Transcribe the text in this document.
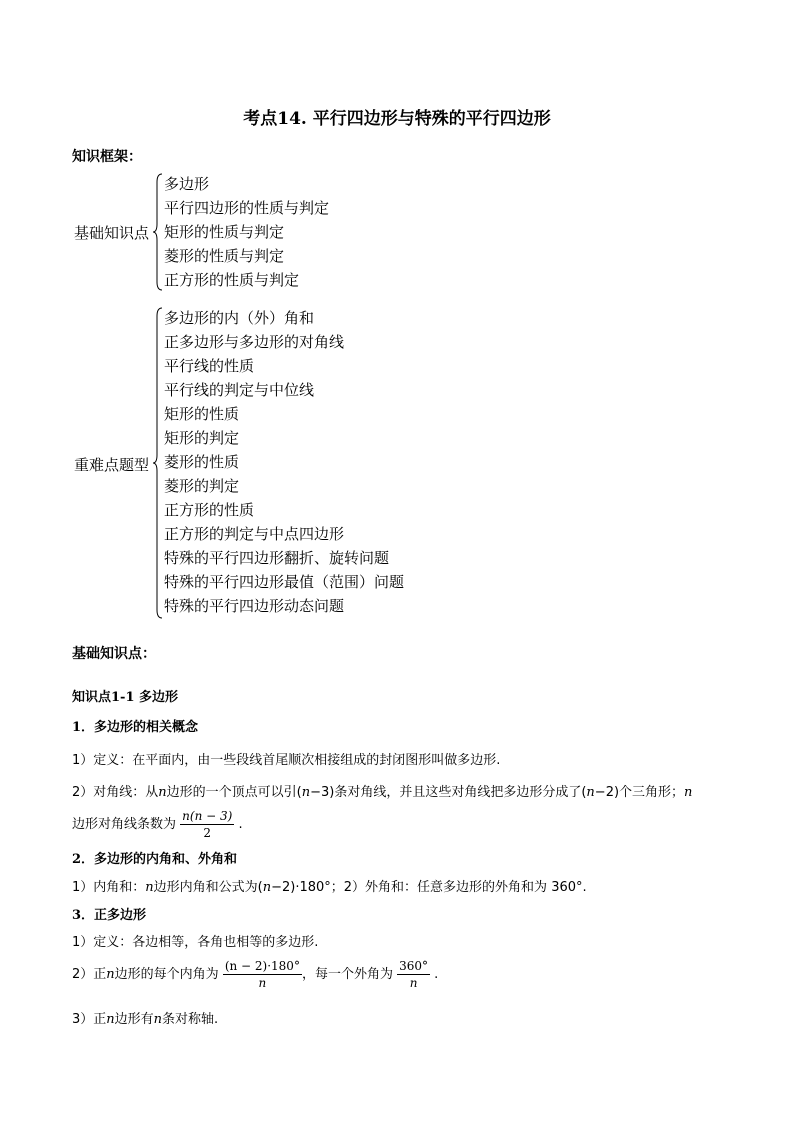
考点14. 平行四边形与特殊的平行四边形
知识框架：
基础知识点
多边形
平行四边形的性质与判定
矩形的性质与判定
菱形的性质与判定
正方形的性质与判定
重难点题型
多边形的内（外）角和
正多边形与多边形的对角线
平行线的性质
平行线的判定与中位线
矩形的性质
矩形的判定
菱形的性质
菱形的判定
正方形的性质
正方形的判定与中点四边形
特殊的平行四边形翻折、旋转问题
特殊的平行四边形最值（范围）问题
特殊的平行四边形动态问题
基础知识点：
知识点1-1 多边形
1．多边形的相关概念
1）定义：在平面内，由一些段线首尾顺次相接组成的封闭图形叫做多边形.
2）对角线：从n边形的一个顶点可以引(n−3)条对角线，并且这些对角线把多边形分成了(n−2)个三角形；n
边形对角线条数为 $\frac{n(n - 3)}{2}$ .
2．多边形的内角和、外角和
1）内角和：n边形内角和公式为(n−2)·180°；2）外角和：任意多边形的外角和为 360°.
3．正多边形
1）定义：各边相等，各角也相等的多边形.
2）正n边形的每个内角为 $\frac{(n - 2)\cdot 180^\circ}{n}$ ，每一个外角为 $\frac{360^\circ}{n}$ .
3）正n边形有n条对称轴.
